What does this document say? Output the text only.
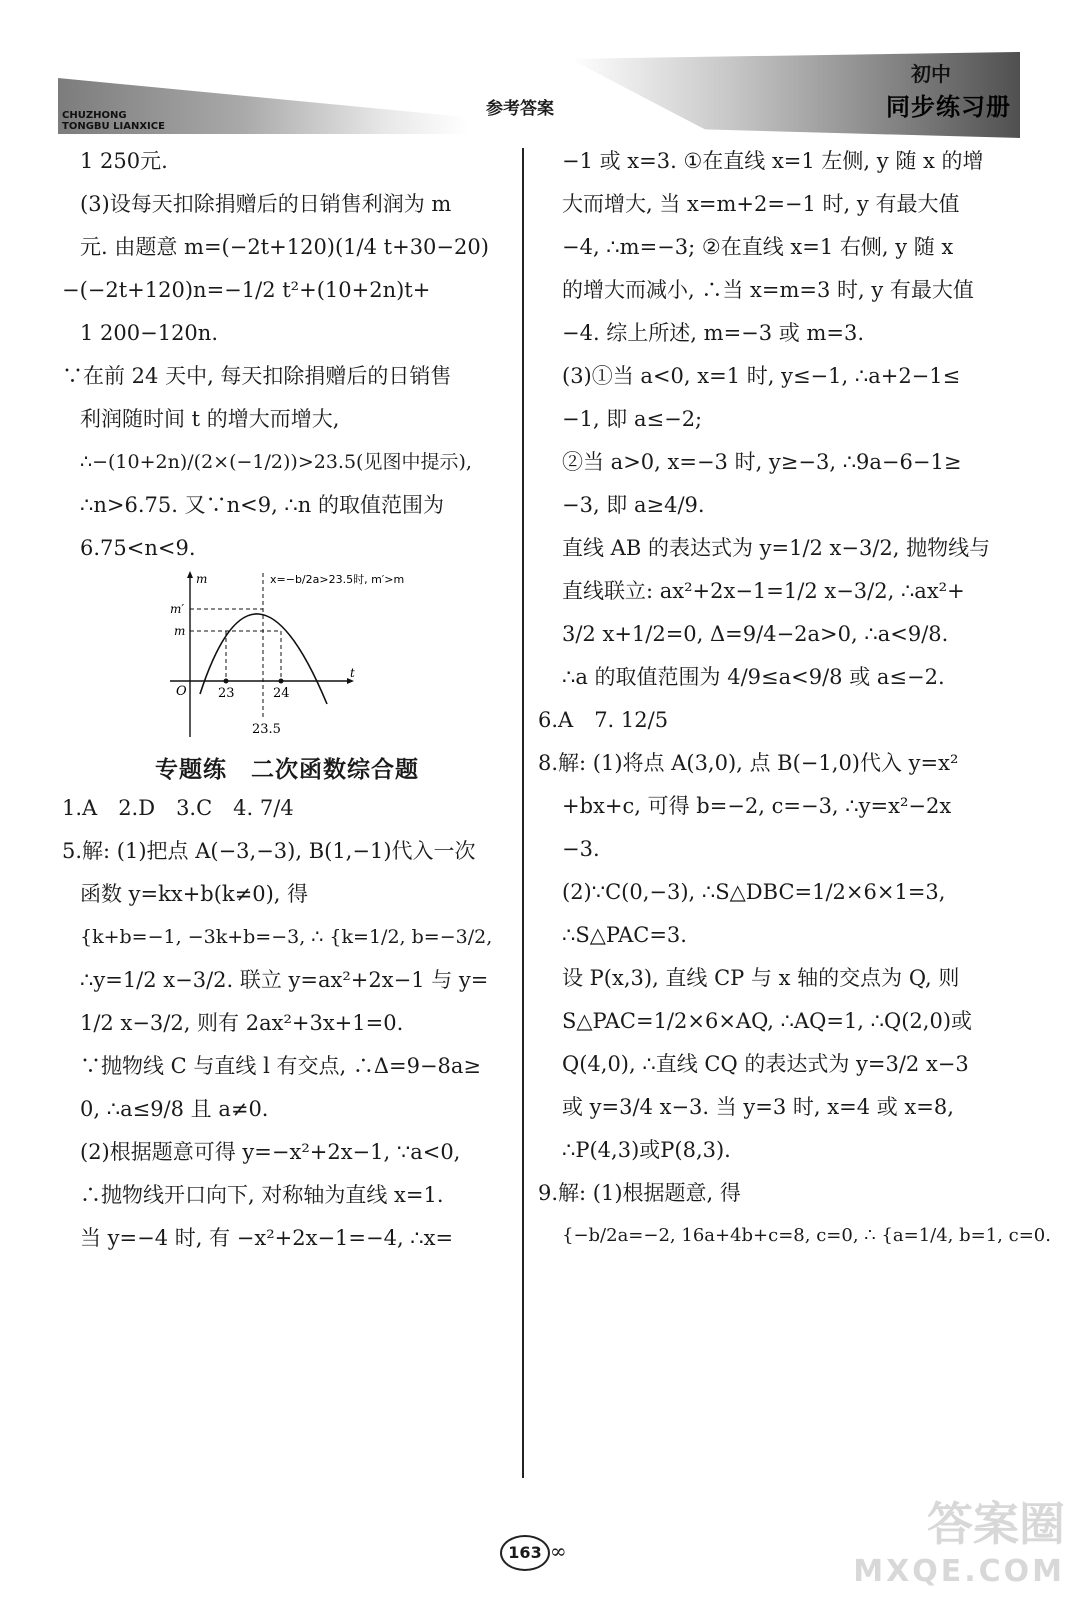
CHUZHONG
TONGBU LIANXICE
参考答案
初中
同步练习册

1 250元.

(3)设每天扣除捐赠后的日销售利润为 m

元. 由题意 m=(−2t+120)(1/4 t+30−20)

−(−2t+120)n=−1/2 t²+(10+2n)t+

1 200−120n.

∵在前 24 天中, 每天扣除捐赠后的日销售

利润随时间 t 的增大而增大,

∴−(10+2n)/(2×(−1/2))>23.5(见图中提示),

∴n>6.75. 又∵n<9, ∴n 的取值范围为

6.75<n<9.

x=−b/2a>23.5时, m′>m
m
t
O
m′
m
23	24
23.5
专题练　二次函数综合题

1.A　2.D　3.C　4. 7/4

5.解: (1)把点 A(−3,−3), B(1,−1)代入一次

函数 y=kx+b(k≠0), 得

{k+b=−1, −3k+b=−3, ∴ {k=1/2, b=−3/2,

∴y=1/2 x−3/2. 联立 y=ax²+2x−1 与 y=

1/2 x−3/2, 则有 2ax²+3x+1=0.

∵抛物线 C 与直线 l 有交点, ∴Δ=9−8a≥

0, ∴a≤9/8 且 a≠0.

(2)根据题意可得 y=−x²+2x−1, ∵a<0,

∴抛物线开口向下, 对称轴为直线 x=1.

当 y=−4 时, 有 −x²+2x−1=−4, ∴x=

−1 或 x=3. ①在直线 x=1 左侧, y 随 x 的增

大而增大, 当 x=m+2=−1 时, y 有最大值

−4, ∴m=−3; ②在直线 x=1 右侧, y 随 x

的增大而减小, ∴当 x=m=3 时, y 有最大值

−4. 综上所述, m=−3 或 m=3.

(3)①当 a<0, x=1 时, y≤−1, ∴a+2−1≤

−1, 即 a≤−2;

②当 a>0, x=−3 时, y≥−3, ∴9a−6−1≥

−3, 即 a≥4/9.

直线 AB 的表达式为 y=1/2 x−3/2, 抛物线与

直线联立: ax²+2x−1=1/2 x−3/2, ∴ax²+

3/2 x+1/2=0, Δ=9/4−2a>0, ∴a<9/8.

∴a 的取值范围为 4/9≤a<9/8 或 a≤−2.

6.A　7. 12/5

8.解: (1)将点 A(3,0), 点 B(−1,0)代入 y=x²

+bx+c, 可得 b=−2, c=−3, ∴y=x²−2x

−3.

(2)∵C(0,−3), ∴S△DBC=1/2×6×1=3,

∴S△PAC=3.

设 P(x,3), 直线 CP 与 x 轴的交点为 Q, 则

S△PAC=1/2×6×AQ, ∴AQ=1, ∴Q(2,0)或

Q(4,0), ∴直线 CQ 的表达式为 y=3/2 x−3

或 y=3/4 x−3. 当 y=3 时, x=4 或 x=8,

∴P(4,3)或P(8,3).

9.解: (1)根据题意, 得

{−b/2a=−2, 16a+4b+c=8, c=0, ∴ {a=1/4, b=1, c=0.

163 ∞	答案圈
MXQE.COM
